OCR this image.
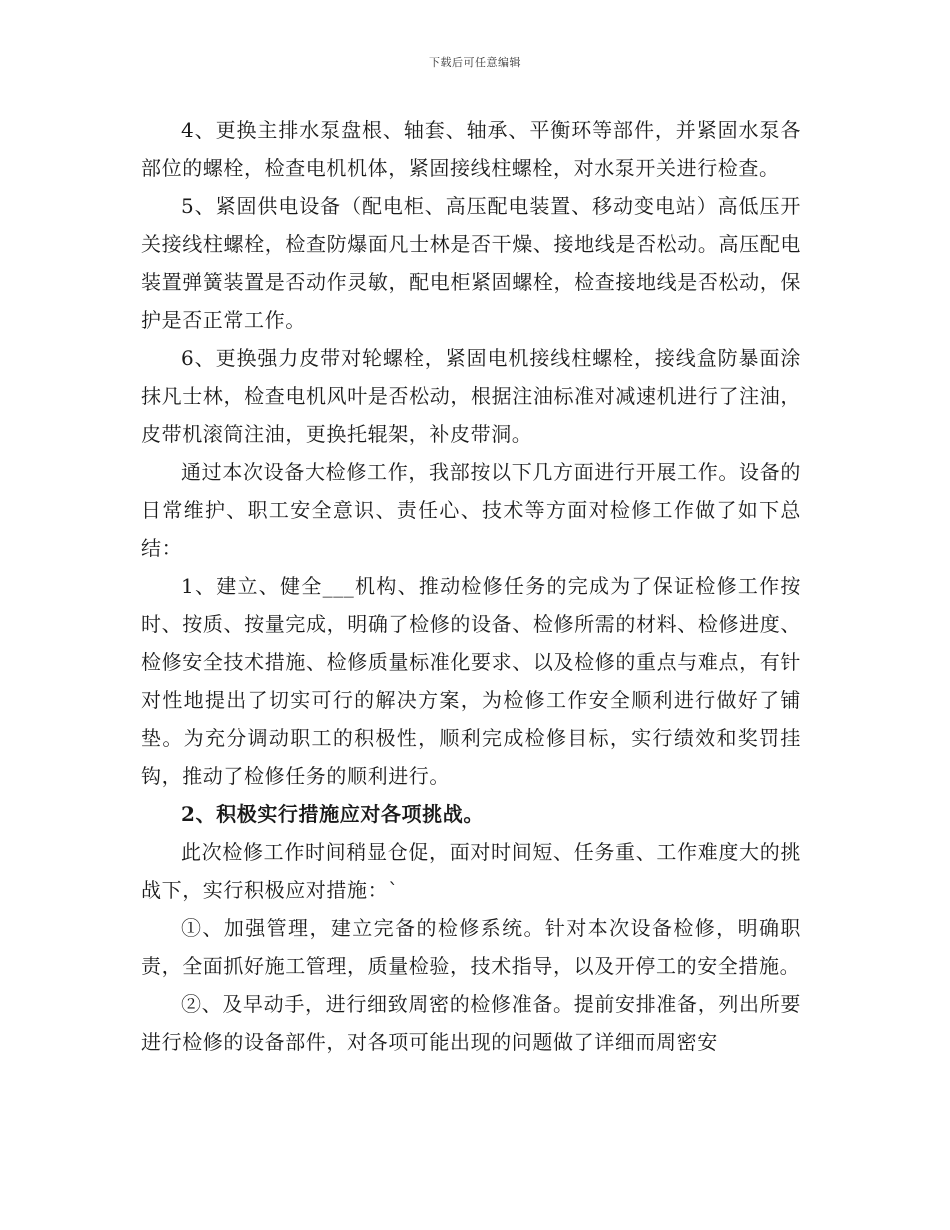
下载后可任意编辑

4、更换主排水泵盘根、轴套、轴承、平衡环等部件，并紧固水泵各部位的螺栓，检查电机机体，紧固接线柱螺栓，对水泵开关进行检查。

5、紧固供电设备（配电柜、高压配电装置、移动变电站）高低压开关接线柱螺栓，检查防爆面凡士林是否干燥、接地线是否松动。高压配电装置弹簧装置是否动作灵敏，配电柜紧固螺栓，检查接地线是否松动，保护是否正常工作。

6、更换强力皮带对轮螺栓，紧固电机接线柱螺栓，接线盒防暴面涂抹凡士林，检查电机风叶是否松动，根据注油标准对减速机进行了注油，皮带机滚筒注油，更换托辊架，补皮带洞。

通过本次设备大检修工作，我部按以下几方面进行开展工作。设备的日常维护、职工安全意识、责任心、技术等方面对检修工作做了如下总结：

1、建立、健全___机构、推动检修任务的完成为了保证检修工作按时、按质、按量完成，明确了检修的设备、检修所需的材料、检修进度、检修安全技术措施、检修质量标准化要求、以及检修的重点与难点，有针对性地提出了切实可行的解决方案，为检修工作安全顺利进行做好了铺垫。为充分调动职工的积极性，顺利完成检修目标，实行绩效和奖罚挂钩，推动了检修任务的顺利进行。

2、积极实行措施应对各项挑战。

此次检修工作时间稍显仓促，面对时间短、任务重、工作难度大的挑战下，实行积极应对措施：`

①、加强管理，建立完备的检修系统。针对本次设备检修，明确职责，全面抓好施工管理，质量检验，技术指导，以及开停工的安全措施。

②、及早动手，进行细致周密的检修准备。提前安排准备，列出所要进行检修的设备部件，对各项可能出现的问题做了详细而周密安
